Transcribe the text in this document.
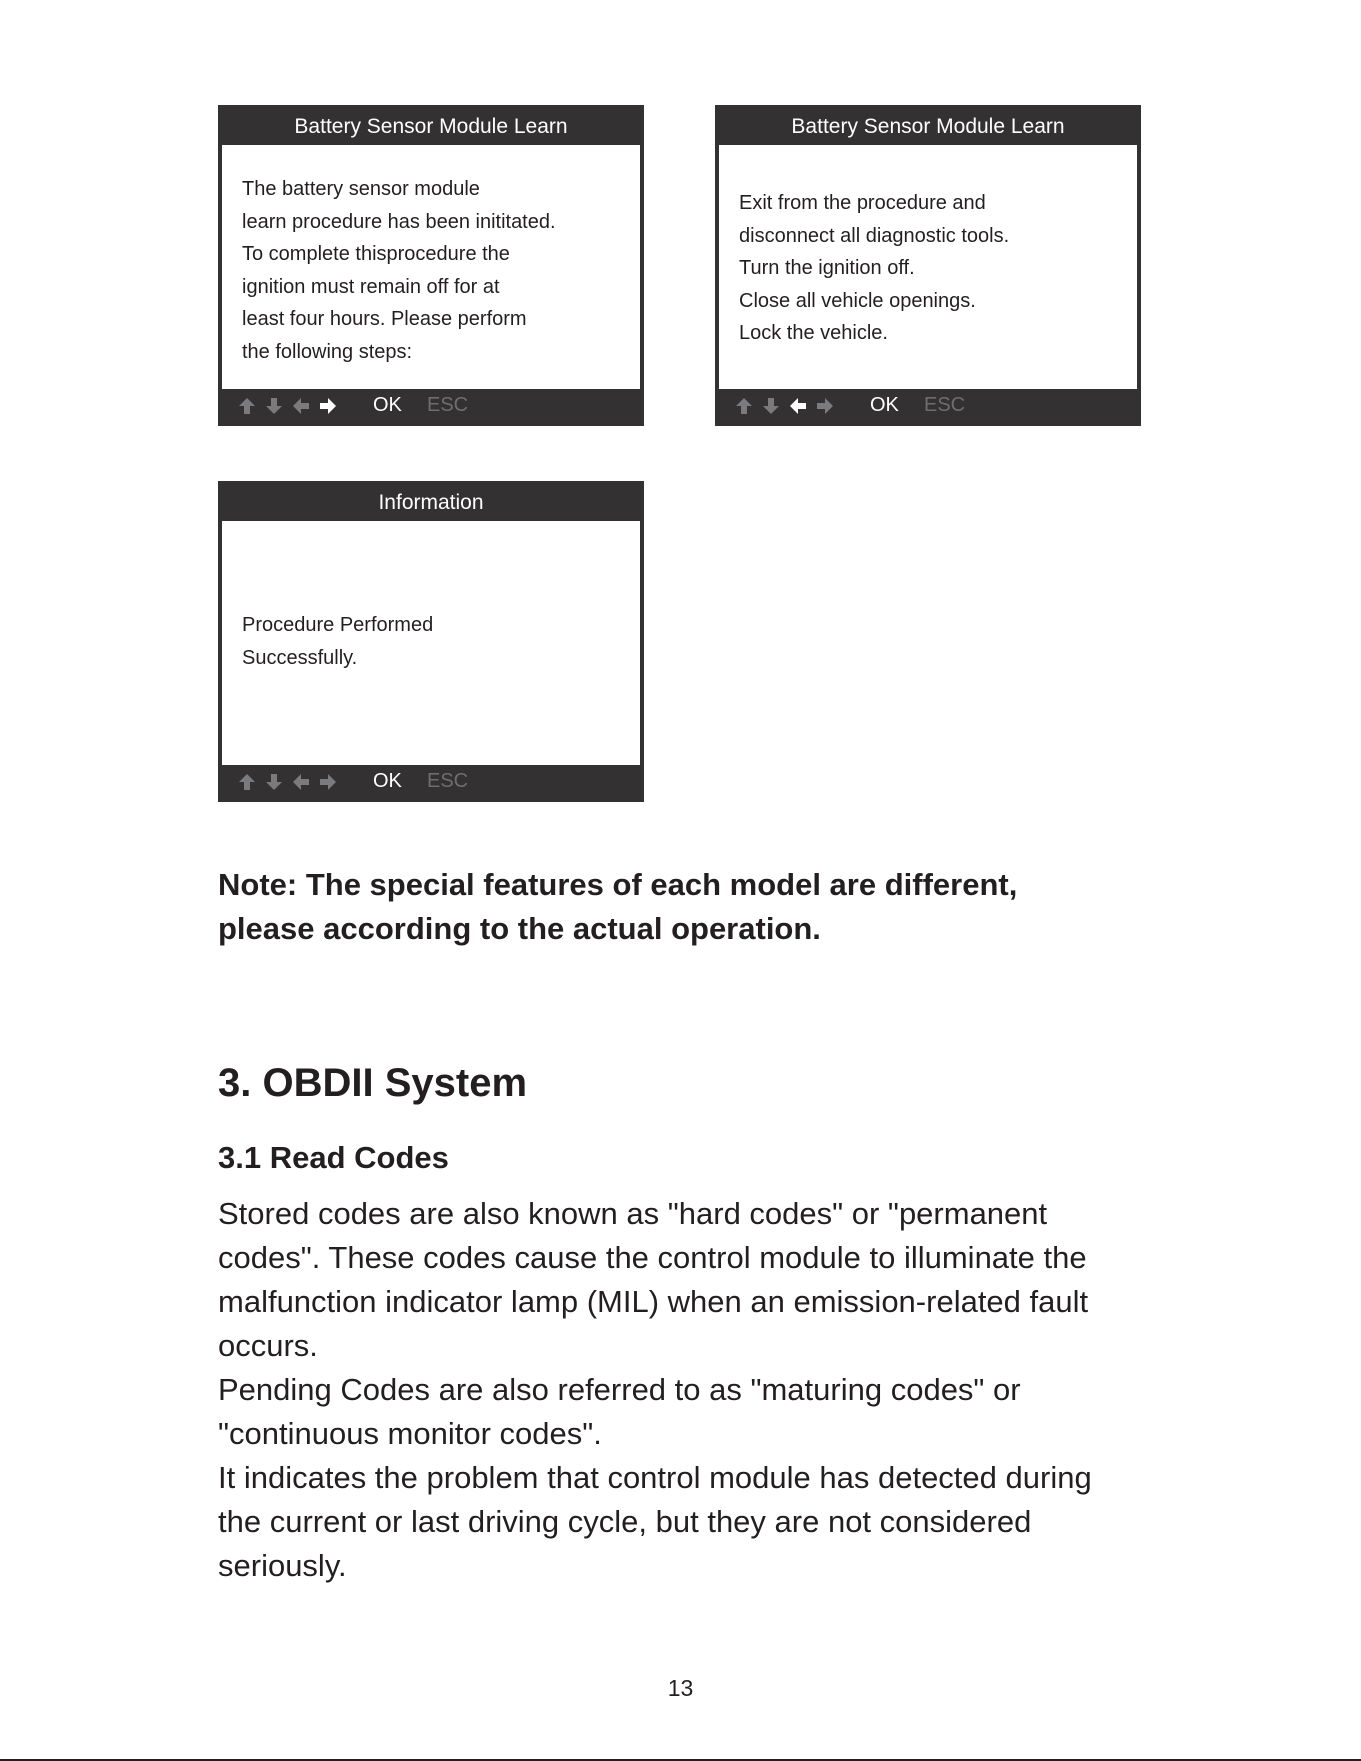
Battery Sensor Module Learn
The battery sensor module
learn procedure has been inititated.
To complete thisprocedure the
ignition must remain off for at
least four hours. Please perform
the following steps:
OK ESC
Battery Sensor Module Learn
Exit from the procedure and
disconnect all diagnostic tools.
Turn the ignition off.
Close all vehicle openings.
Lock the vehicle.
OK ESC
Information
Procedure Performed
Successfully.
OK ESC
Note: The special features of each model are different,
please according to the actual operation.
3. OBDII System
3.1 Read Codes
Stored codes are also known as "hard codes" or "permanent
codes". These codes cause the control module to illuminate the
malfunction indicator lamp (MIL) when an emission-related fault
occurs.
Pending Codes are also referred to as "maturing codes" or
"continuous monitor codes".
It indicates the problem that control module has detected during
the current or last driving cycle, but they are not considered
seriously.
13
